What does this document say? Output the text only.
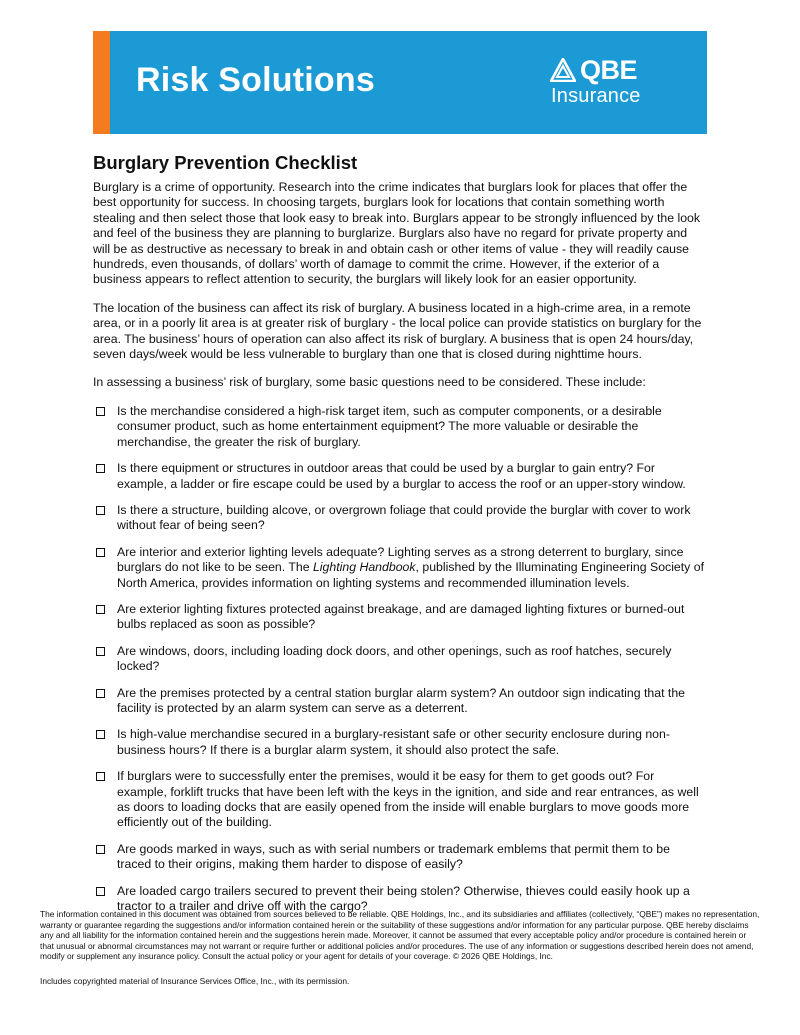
Risk Solutions	QBE
Insurance
Burglary Prevention Checklist

Burglary is a crime of opportunity. Research into the crime indicates that burglars look for places that offer the best opportunity for success. In choosing targets, burglars look for locations that contain something worth stealing and then select those that look easy to break into. Burglars appear to be strongly influenced by the look and feel of the business they are planning to burglarize. Burglars also have no regard for private property and will be as destructive as necessary to break in and obtain cash or other items of value - they will readily cause hundreds, even thousands, of dollars’ worth of damage to commit the crime. However, if the exterior of a business appears to reflect attention to security, the burglars will likely look for an easier opportunity.

The location of the business can affect its risk of burglary. A business located in a high-crime area, in a remote area, or in a poorly lit area is at greater risk of burglary - the local police can provide statistics on burglary for the area. The business’ hours of operation can also affect its risk of burglary. A business that is open 24 hours/day, seven days/week would be less vulnerable to burglary than one that is closed during nighttime hours.

In assessing a business’ risk of burglary, some basic questions need to be considered. These include:

Is the merchandise considered a high-risk target item, such as computer components, or a desirable consumer product, such as home entertainment equipment? The more valuable or desirable the merchandise, the greater the risk of burglary.
Is there equipment or structures in outdoor areas that could be used by a burglar to gain entry? For example, a ladder or fire escape could be used by a burglar to access the roof or an upper-story window.
Is there a structure, building alcove, or overgrown foliage that could provide the burglar with cover to work without fear of being seen?
Are interior and exterior lighting levels adequate? Lighting serves as a strong deterrent to burglary, since burglars do not like to be seen. The Lighting Handbook, published by the Illuminating Engineering Society of North America, provides information on lighting systems and recommended illumination levels.
Are exterior lighting fixtures protected against breakage, and are damaged lighting fixtures or burned-out bulbs replaced as soon as possible?
Are windows, doors, including loading dock doors, and other openings, such as roof hatches, securely locked?
Are the premises protected by a central station burglar alarm system? An outdoor sign indicating that the facility is protected by an alarm system can serve as a deterrent.
Is high-value merchandise secured in a burglary-resistant safe or other security enclosure during non-business hours? If there is a burglar alarm system, it should also protect the safe.
If burglars were to successfully enter the premises, would it be easy for them to get goods out? For example, forklift trucks that have been left with the keys in the ignition, and side and rear entrances, as well as doors to loading docks that are easily opened from the inside will enable burglars to move goods more efficiently out of the building.
Are goods marked in ways, such as with serial numbers or trademark emblems that permit them to be traced to their origins, making them harder to dispose of easily?
Are loaded cargo trailers secured to prevent their being stolen? Otherwise, thieves could easily hook up a tractor to a trailer and drive off with the cargo?

The information contained in this document was obtained from sources believed to be reliable. QBE Holdings, Inc., and its subsidiaries and affiliates (collectively, “QBE”) makes no representation, warranty or guarantee regarding the suggestions and/or information contained herein or the suitability of these suggestions and/or information for any particular purpose. QBE hereby disclaims any and all liability for the information contained herein and the suggestions herein made. Moreover, it cannot be assumed that every acceptable policy and/or procedure is contained herein or that unusual or abnormal circumstances may not warrant or require further or additional policies and/or procedures. The use of any information or suggestions described herein does not amend, modify or supplement any insurance policy. Consult the actual policy or your agent for details of your coverage. © 2026 QBE Holdings, Inc.

Includes copyrighted material of Insurance Services Office, Inc., with its permission.
